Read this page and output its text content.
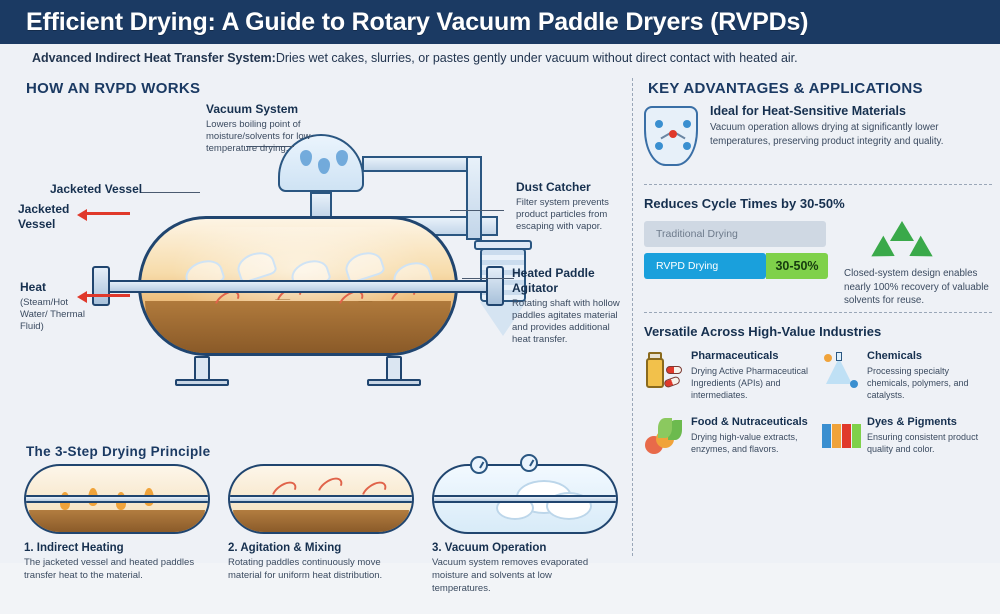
Efficient Drying: A Guide to Rotary Vacuum Paddle Dryers (RVPDs)
Advanced Indirect Heat Transfer System: Dries wet cakes, slurries, or pastes gently under vacuum without direct contact with heated air.
HOW AN RVPD WORKS
Vacuum System
Lowers boiling point of moisture/solvents for low-temperature drying.
Dust Catcher
Filter system prevents product particles from escaping with vapor.
Heated Paddle Agitator
Rotating shaft with hollow paddles agitates material and provides additional heat transfer.
Jacketed Vessel
Jacketed Vessel
Heat
(Steam/Hot Water/ Thermal Fluid)
The 3-Step Drying Principle
1. Indirect Heating
The jacketed vessel and heated paddles transfer heat to the material.
2. Agitation & Mixing
Rotating paddles continuously move material for uniform heat distribution.
3. Vacuum Operation
Vacuum system removes evaporated moisture and solvents at low temperatures.
KEY ADVANTAGES & APPLICATIONS
Ideal for Heat-Sensitive Materials
Vacuum operation allows drying at significantly lower temperatures, preserving product integrity and quality.
Reduces Cycle Times by 30-50%
Traditional Drying
RVPD Drying	30-50%
Closed-system design enables nearly 100% recovery of valuable solvents for reuse.
Versatile Across High-Value Industries
Pharmaceuticals
Drying Active Pharmaceutical Ingredients (APIs) and intermediates.
Chemicals
Processing specialty chemicals, polymers, and catalysts.
Food & Nutraceuticals
Drying high-value extracts, enzymes, and flavors.
Dyes & Pigments
Ensuring consistent product quality and color.
